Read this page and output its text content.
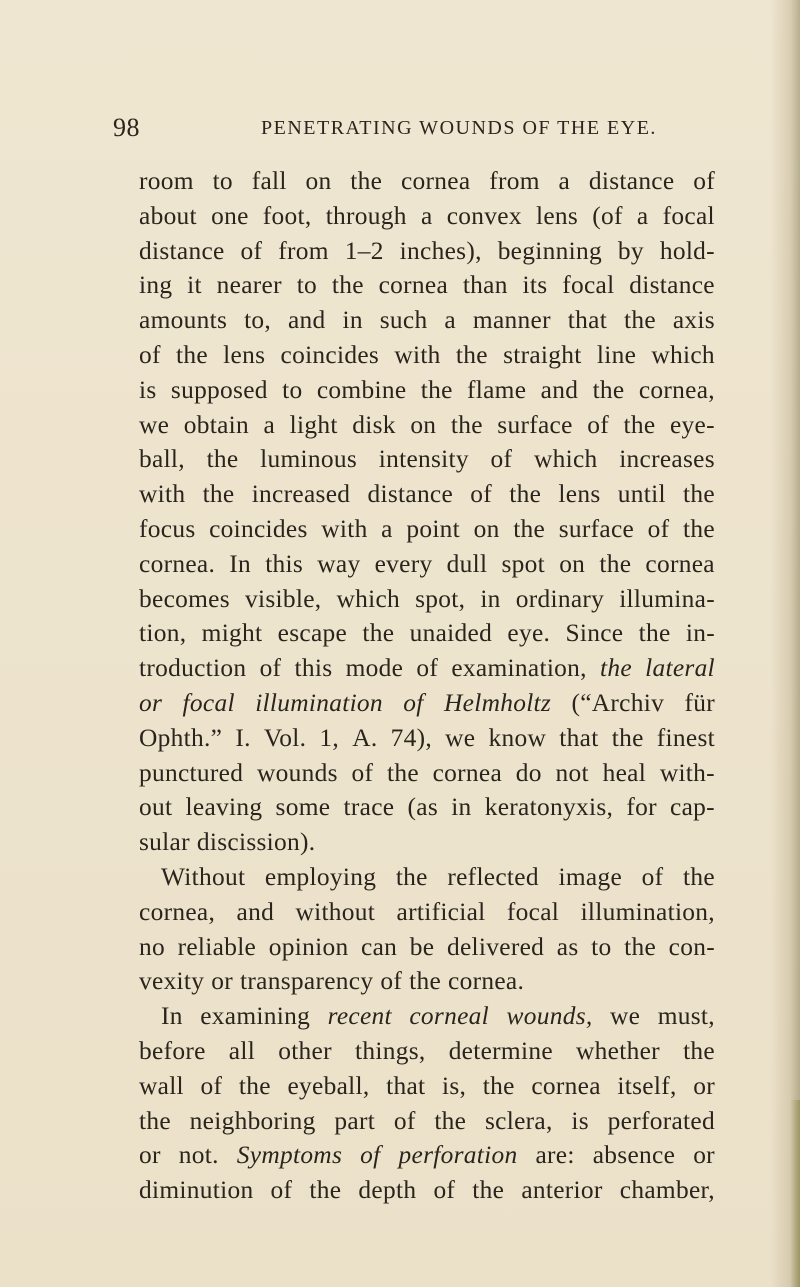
98	PENETRATING WOUNDS OF THE EYE.
room to fall on the cornea from a distance of
about one foot, through a convex lens (of a focal
distance of from 1–2 inches), beginning by hold-
ing it nearer to the cornea than its focal distance
amounts to, and in such a manner that the axis
of the lens coincides with the straight line which
is supposed to combine the flame and the cornea,
we obtain a light disk on the surface of the eye-
ball, the luminous intensity of which increases
with the increased distance of the lens until the
focus coincides with a point on the surface of the
cornea. In this way every dull spot on the cornea
becomes visible, which spot, in ordinary illumina-
tion, might escape the unaided eye. Since the in-
troduction of this mode of examination, the lateral
or focal illumination of Helmholtz (“Archiv für
Ophth.” I. Vol. 1, A. 74), we know that the finest
punctured wounds of the cornea do not heal with-
out leaving some trace (as in keratonyxis, for cap-
sular discission).
Without employing the reflected image of the
cornea, and without artificial focal illumination,
no reliable opinion can be delivered as to the con-
vexity or transparency of the cornea.
In examining recent corneal wounds, we must,
before all other things, determine whether the
wall of the eyeball, that is, the cornea itself, or
the neighboring part of the sclera, is perforated
or not. Symptoms of perforation are: absence or
diminution of the depth of the anterior chamber,
